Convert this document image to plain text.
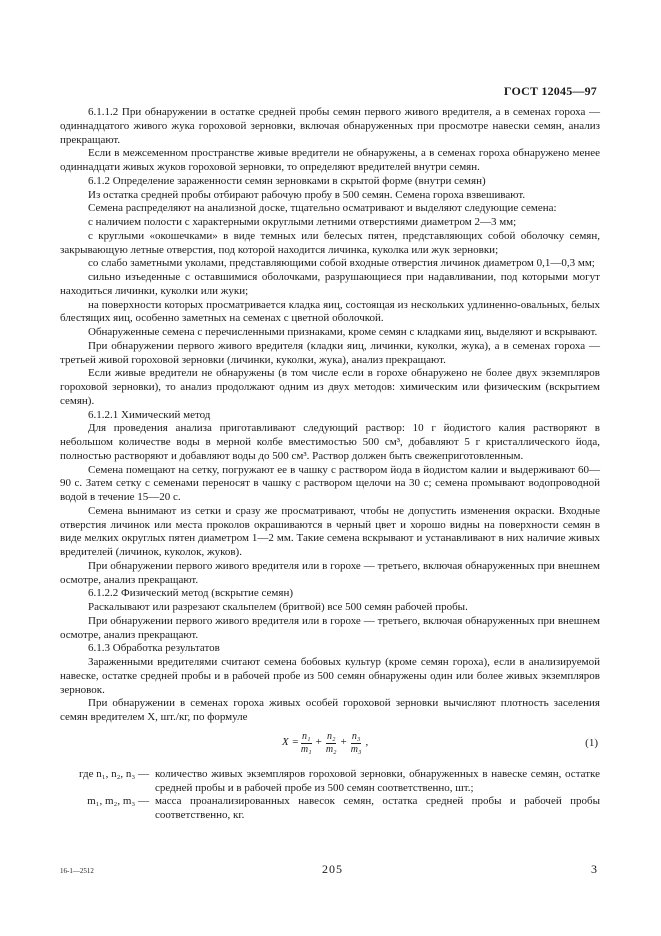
ГОСТ 12045—97

6.1.1.2 При обнаружении в остатке средней пробы семян первого живого вредителя, а в семенах гороха — одиннадцатого живого жука гороховой зерновки, включая обнаруженных при просмотре навески семян, анализ прекращают.

Если в межсеменном пространстве живые вредители не обнаружены, а в семенах гороха обнаружено менее одиннадцати живых жуков гороховой зерновки, то определяют вредителей внутри семян.

6.1.2 Определение зараженности семян зерновками в скрытой форме (внутри семян)

Из остатка средней пробы отбирают рабочую пробу в 500 семян. Семена гороха взвешивают.

Семена распределяют на анализной доске, тщательно осматривают и выделяют следующие семена:

с наличием полости с характерными округлыми летними отверстиями диаметром 2—3 мм;

с круглыми «окошечками» в виде темных или белесых пятен, представляющих собой оболочку семян, закрывающую летные отверстия, под которой находится личинка, куколка или жук зерновки;

со слабо заметными уколами, представляющими собой входные отверстия личинок диаметром 0,1—0,3 мм;

сильно изъеденные с оставшимися оболочками, разрушающиеся при надавливании, под которыми могут находиться личинки, куколки или жуки;

на поверхности которых просматривается кладка яиц, состоящая из нескольких удлиненно-овальных, белых блестящих яиц, особенно заметных на семенах с цветной оболочкой.

Обнаруженные семена с перечисленными признаками, кроме семян с кладками яиц, выделяют и вскрывают.

При обнаружении первого живого вредителя (кладки яиц, личинки, куколки, жука), а в семенах гороха — третьей живой гороховой зерновки (личинки, куколки, жука), анализ прекращают.

Если живые вредители не обнаружены (в том числе если в горохе обнаружено не более двух экземпляров гороховой зерновки), то анализ продолжают одним из двух методов: химическим или физическим (вскрытием семян).

6.1.2.1 Химический метод

Для проведения анализа приготавливают следующий раствор: 10 г йодистого калия растворяют в небольшом количестве воды в мерной колбе вместимостью 500 см³, добавляют 5 г кристаллического йода, полностью растворяют и добавляют воды до 500 см³. Раствор должен быть свежеприготовленным.

Семена помещают на сетку, погружают ее в чашку с раствором йода в йодистом калии и выдерживают 60—90 с. Затем сетку с семенами переносят в чашку с раствором щелочи на 30 с; семена промывают водопроводной водой в течение 15—20 с.

Семена вынимают из сетки и сразу же просматривают, чтобы не допустить изменения окраски. Входные отверстия личинок или места проколов окрашиваются в черный цвет и хорошо видны на поверхности семян в виде мелких округлых пятен диаметром 1—2 мм. Такие семена вскрывают и устанавливают в них наличие живых вредителей (личинок, куколок, жуков).

При обнаружении первого живого вредителя или в горохе — третьего, включая обнаруженных при внешнем осмотре, анализ прекращают.

6.1.2.2 Физический метод (вскрытие семян)

Раскалывают или разрезают скальпелем (бритвой) все 500 семян рабочей пробы.

При обнаружении первого живого вредителя или в горохе — третьего, включая обнаруженных при внешнем осмотре, анализ прекращают.

6.1.3 Обработка результатов

Зараженными вредителями считают семена бобовых культур (кроме семян гороха), если в анализируемой навеске, остатке средней пробы и в рабочей пробе из 500 семян обнаружены один или более живых экземпляров зерновок.

При обнаружении в семенах гороха живых особей гороховой зерновки вычисляют плотность заселения семян вредителем X, шт./кг, по формуле

$X = \frac{\text{n₁}}{\text{m₁}} + \frac{\text{n₂}}{\text{m₂}} + \frac{\text{n₃}}{\text{m₃}}$ ,	(1)
где n₁, n₂, n₃ — количество живых экземпляров гороховой зерновки, обнаруженных в навеске семян, остатке средней пробы и в рабочей пробе из 500 семян соответственно, шт.;
m₁, m₂, m₃ — масса проанализированных навесок семян, остатка средней пробы и рабочей пробы соответственно, кг.
16-1—2512	205	3
